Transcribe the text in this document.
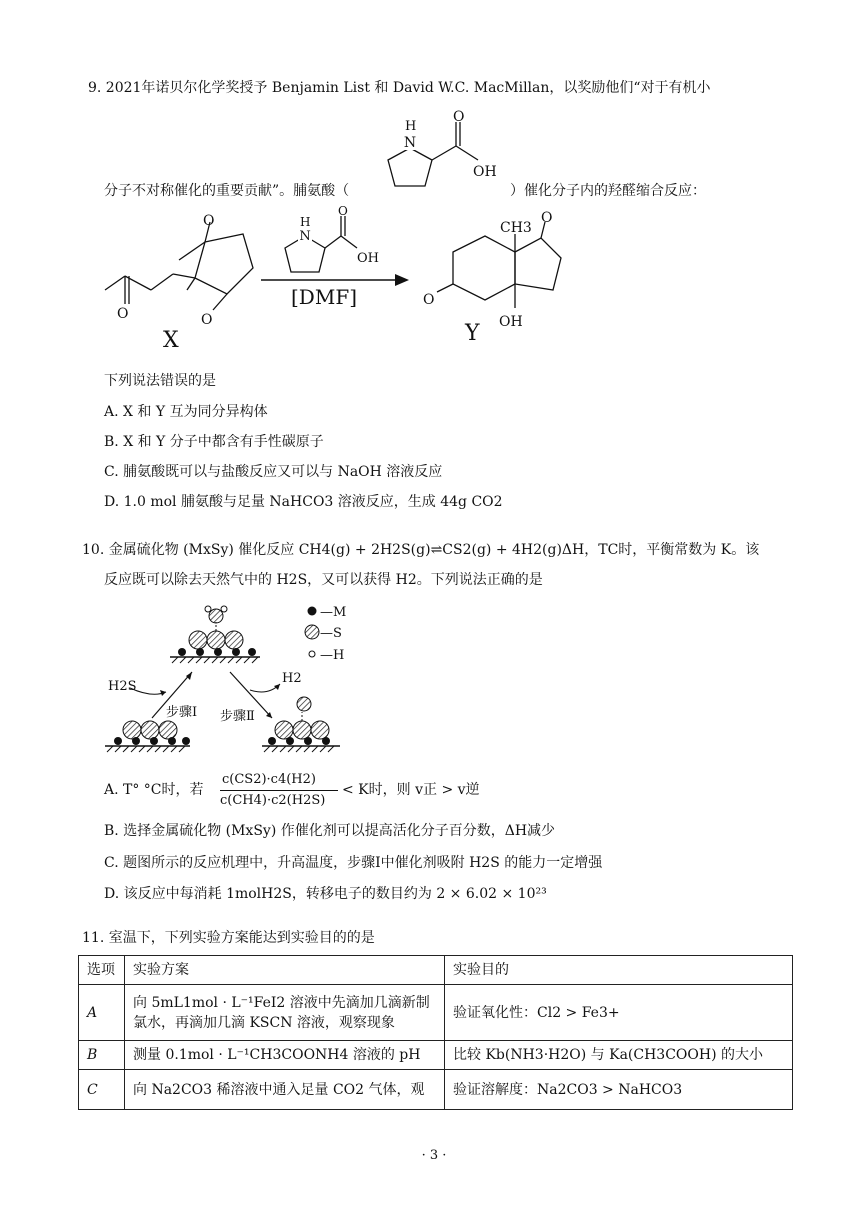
9. 2021年诺贝尔化学奖授予 Benjamin List 和 David W.C. MacMillan，以奖励他们“对于有机小
N
H
O
OH
分子不对称催化的重要贡献”。脯氨酸（	）催化分子内的羟醛缩合反应：
O
O
O
X
N
H
O
OH
[DMF]
O
CH3
O
OH
Y
下列说法错误的是
A. X 和 Y 互为同分异构体
B. X 和 Y 分子中都含有手性碳原子
C. 脯氨酸既可以与盐酸反应又可以与 NaOH 溶液反应
D. 1.0 mol 脯氨酸与足量 NaHCO3 溶液反应，生成 44g CO2
10. 金属硫化物 (MxSy) 催化反应 CH4(g) + 2H2S(g)⇌CS2(g) + 4H2(g)ΔH，TC时，平衡常数为 K。该
反应既可以除去天然气中的 H2S，又可以获得 H2。下列说法正确的是
—M
—S
—H
H2S
H2
步骤Ⅰ 步骤Ⅱ
A. T° °C时，若
c(CS2)·c4(H2)
c(CH4)·c2(H2S)
< K时，则 v正 > v逆
B. 选择金属硫化物 (MxSy) 作催化剂可以提高活化分子百分数，ΔH减少
C. 题图所示的反应机理中，升高温度，步骤Ⅰ中催化剂吸附 H2S 的能力一定增强
D. 该反应中每消耗 1molH2S，转移电子的数目约为 2 × 6.02 × 10²³
11. 室温下，下列实验方案能达到实验目的的是
选项	实验方案	实验目的
A	向 5mL1mol · L⁻¹FeI2 溶液中先滴加几滴新制氯水，再滴加几滴 KSCN 溶液，观察现象	验证氧化性：Cl2 > Fe3+
B	测量 0.1mol · L⁻¹CH3COONH4 溶液的 pH	比较 Kb(NH3·H2O) 与 Ka(CH3COOH) 的大小
C	向 Na2CO3 稀溶液中通入足量 CO2 气体，观	验证溶解度：Na2CO3 > NaHCO3
· 3 ·
